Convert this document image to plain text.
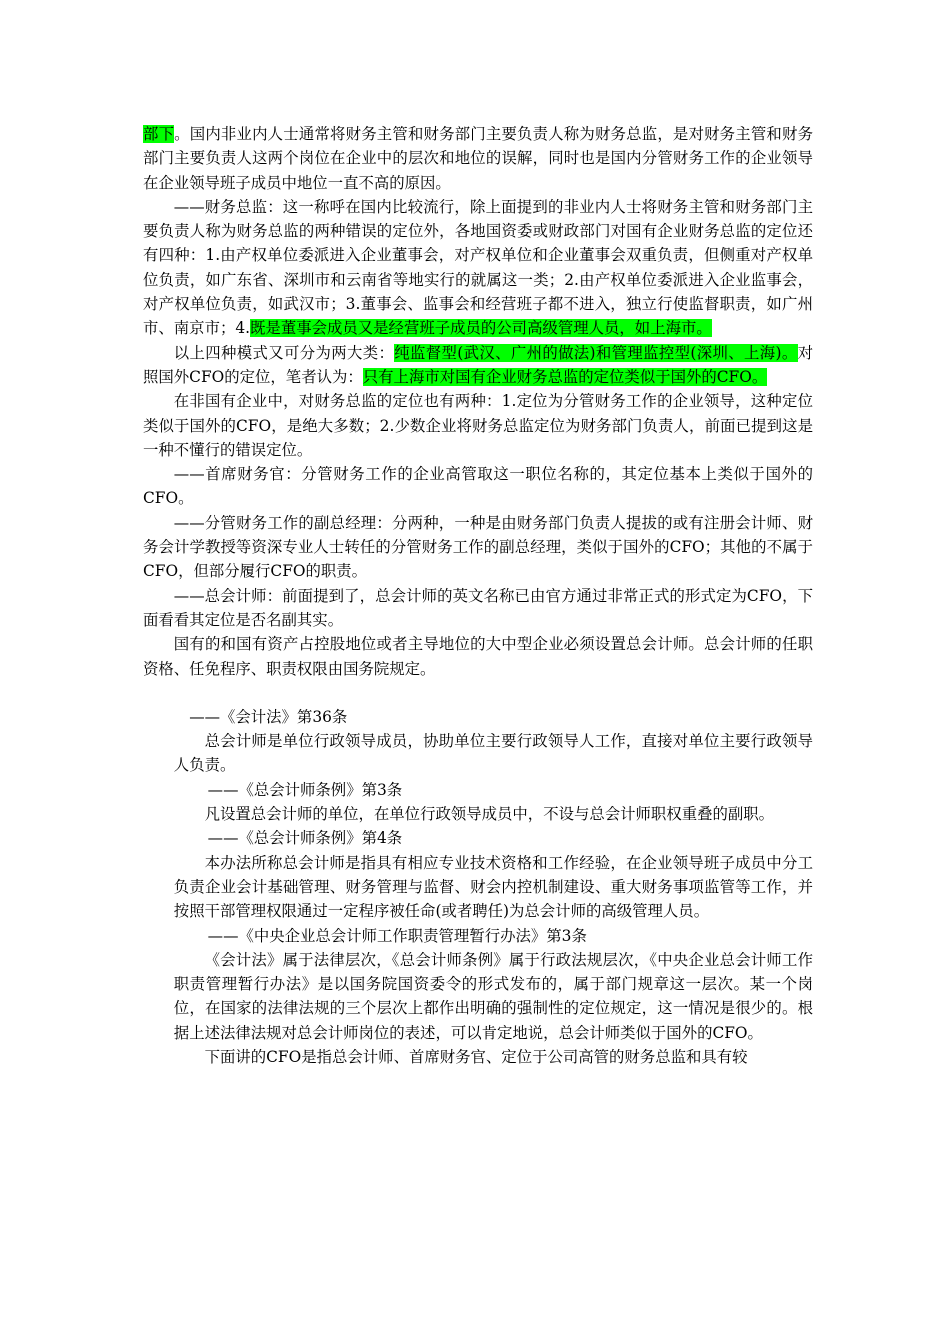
部下。国内非业内人士通常将财务主管和财务部门主要负责人称为财务总监，是对财务主管和财务部门主要负责人这两个岗位在企业中的层次和地位的误解，同时也是国内分管财务工作的企业领导在企业领导班子成员中地位一直不高的原因。

——财务总监：这一称呼在国内比较流行，除上面提到的非业内人士将财务主管和财务部门主要负责人称为财务总监的两种错误的定位外，各地国资委或财政部门对国有企业财务总监的定位还有四种：1.由产权单位委派进入企业董事会，对产权单位和企业董事会双重负责，但侧重对产权单位负责，如广东省、深圳市和云南省等地实行的就属这一类；2.由产权单位委派进入企业监事会，对产权单位负责，如武汉市；3.董事会、监事会和经营班子都不进入，独立行使监督职责，如广州市、南京市；4.既是董事会成员又是经营班子成员的公司高级管理人员，如上海市。

以上四种模式又可分为两大类：纯监督型(武汉、广州的做法)和管理监控型(深圳、上海)。对照国外CFO的定位，笔者认为：只有上海市对国有企业财务总监的定位类似于国外的CFO。

在非国有企业中，对财务总监的定位也有两种：1.定位为分管财务工作的企业领导，这种定位类似于国外的CFO，是绝大多数；2.少数企业将财务总监定位为财务部门负责人，前面已提到这是一种不懂行的错误定位。

——首席财务官：分管财务工作的企业高管取这一职位名称的，其定位基本上类似于国外的CFO。

——分管财务工作的副总经理：分两种，一种是由财务部门负责人提拔的或有注册会计师、财务会计学教授等资深专业人士转任的分管财务工作的副总经理，类似于国外的CFO；其他的不属于CFO，但部分履行CFO的职责。

——总会计师：前面提到了，总会计师的英文名称已由官方通过非常正式的形式定为CFO，下面看看其定位是否名副其实。

国有的和国有资产占控股地位或者主导地位的大中型企业必须设置总会计师。总会计师的任职资格、任免程序、职责权限由国务院规定。

——《会计法》第36条

总会计师是单位行政领导成员，协助单位主要行政领导人工作，直接对单位主要行政领导人负责。

——《总会计师条例》第3条

凡设置总会计师的单位，在单位行政领导成员中，不设与总会计师职权重叠的副职。

——《总会计师条例》第4条

本办法所称总会计师是指具有相应专业技术资格和工作经验，在企业领导班子成员中分工负责企业会计基础管理、财务管理与监督、财会内控机制建设、重大财务事项监管等工作，并按照干部管理权限通过一定程序被任命(或者聘任)为总会计师的高级管理人员。

——《中央企业总会计师工作职责管理暂行办法》第3条

《会计法》属于法律层次，《总会计师条例》属于行政法规层次，《中央企业总会计师工作职责管理暂行办法》是以国务院国资委令的形式发布的，属于部门规章这一层次。某一个岗位，在国家的法律法规的三个层次上都作出明确的强制性的定位规定，这一情况是很少的。根据上述法律法规对总会计师岗位的表述，可以肯定地说，总会计师类似于国外的CFO。

下面讲的CFO是指总会计师、首席财务官、定位于公司高管的财务总监和具有较
